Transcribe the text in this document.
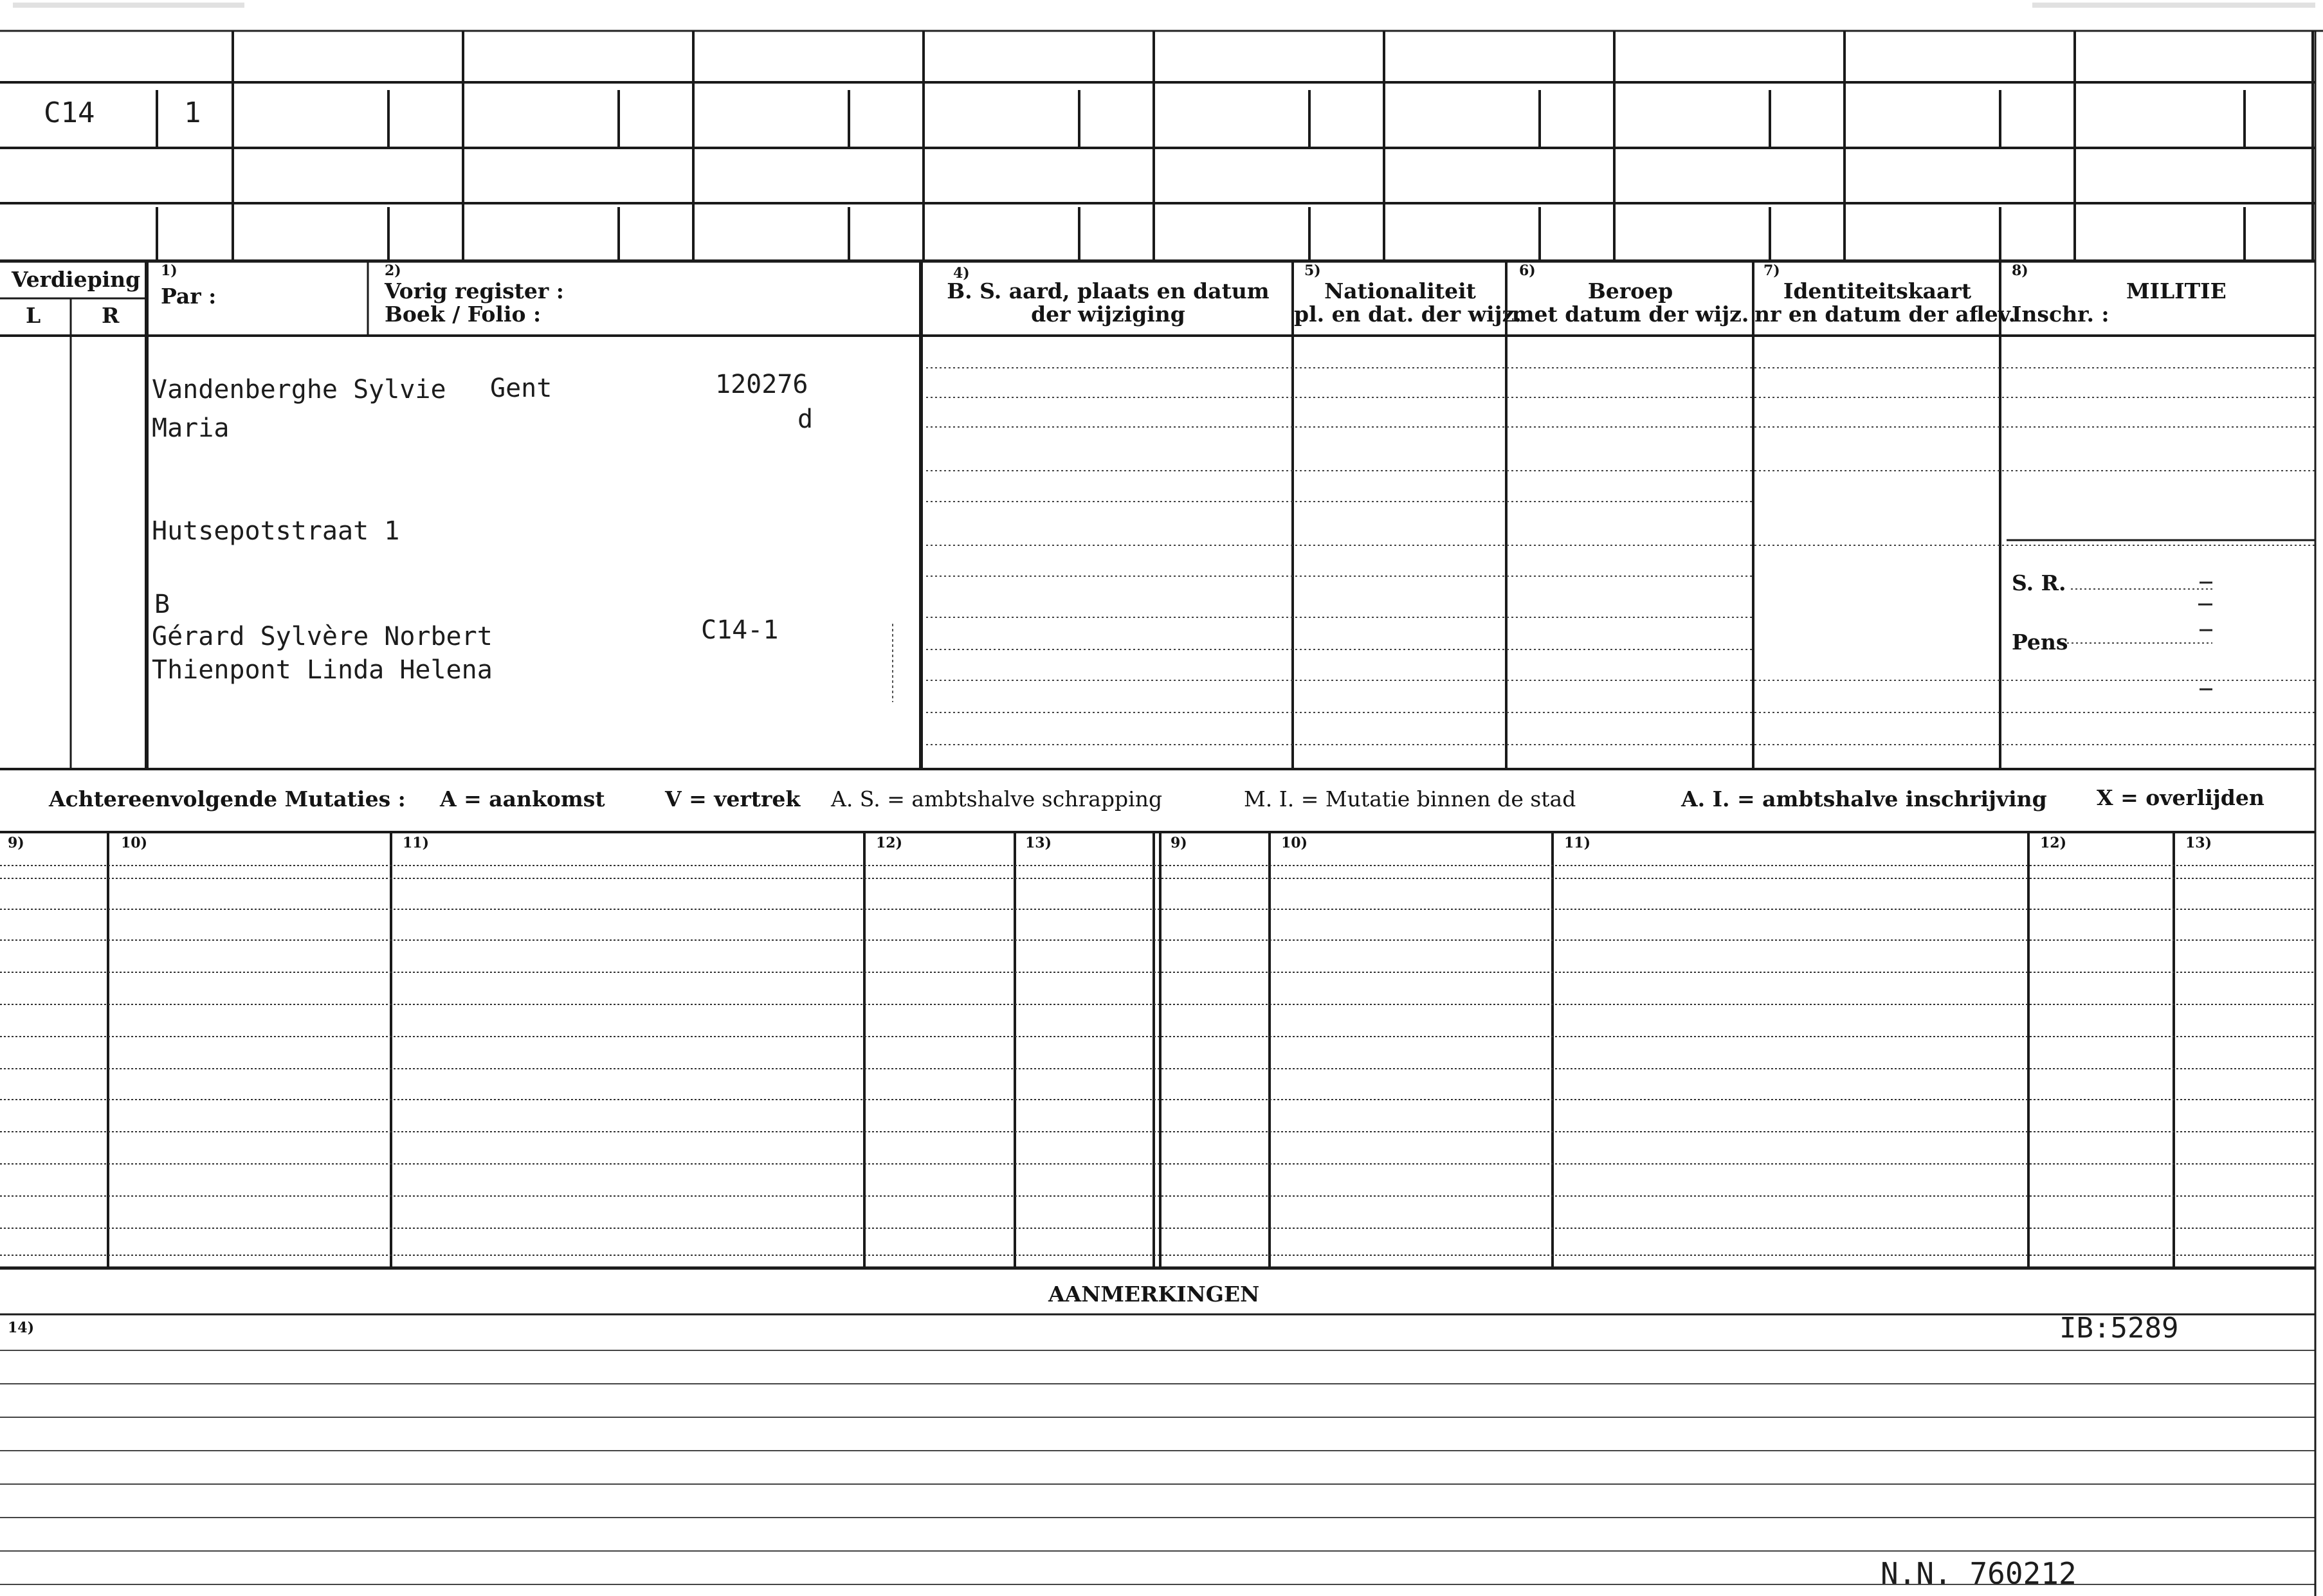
C14	1
Verdieping
L	R
1)
Par :
2)
Vorig register :
Boek / Folio :
4)
B. S. aard, plaats en datum
der wijziging
5)
Nationaliteit
pl. en dat. der wijz.
6)
Beroep
met datum der wijz.
7)
Identiteitskaart
nr en datum der aflev.
8)
MILITIE
Inschr. :
S. R.
Pens
Vandenberghe Sylvie Gent	120276
Maria	d
Hutsepotstraat 1
B
Gérard Sylvère Norbert	C14-1
Thienpont Linda Helena
Achtereenvolgende Mutaties : A = aankomst	V = vertrek A. S. = ambtshalve schrapping	M. I. = Mutatie binnen de stad	A. I. = ambtshalve inschrijving X = overlijden
9)	10)	11)	12)	13)	9)	10)	11)	12)	13)
AANMERKINGEN
14)	IB:5289
N.N. 760212
